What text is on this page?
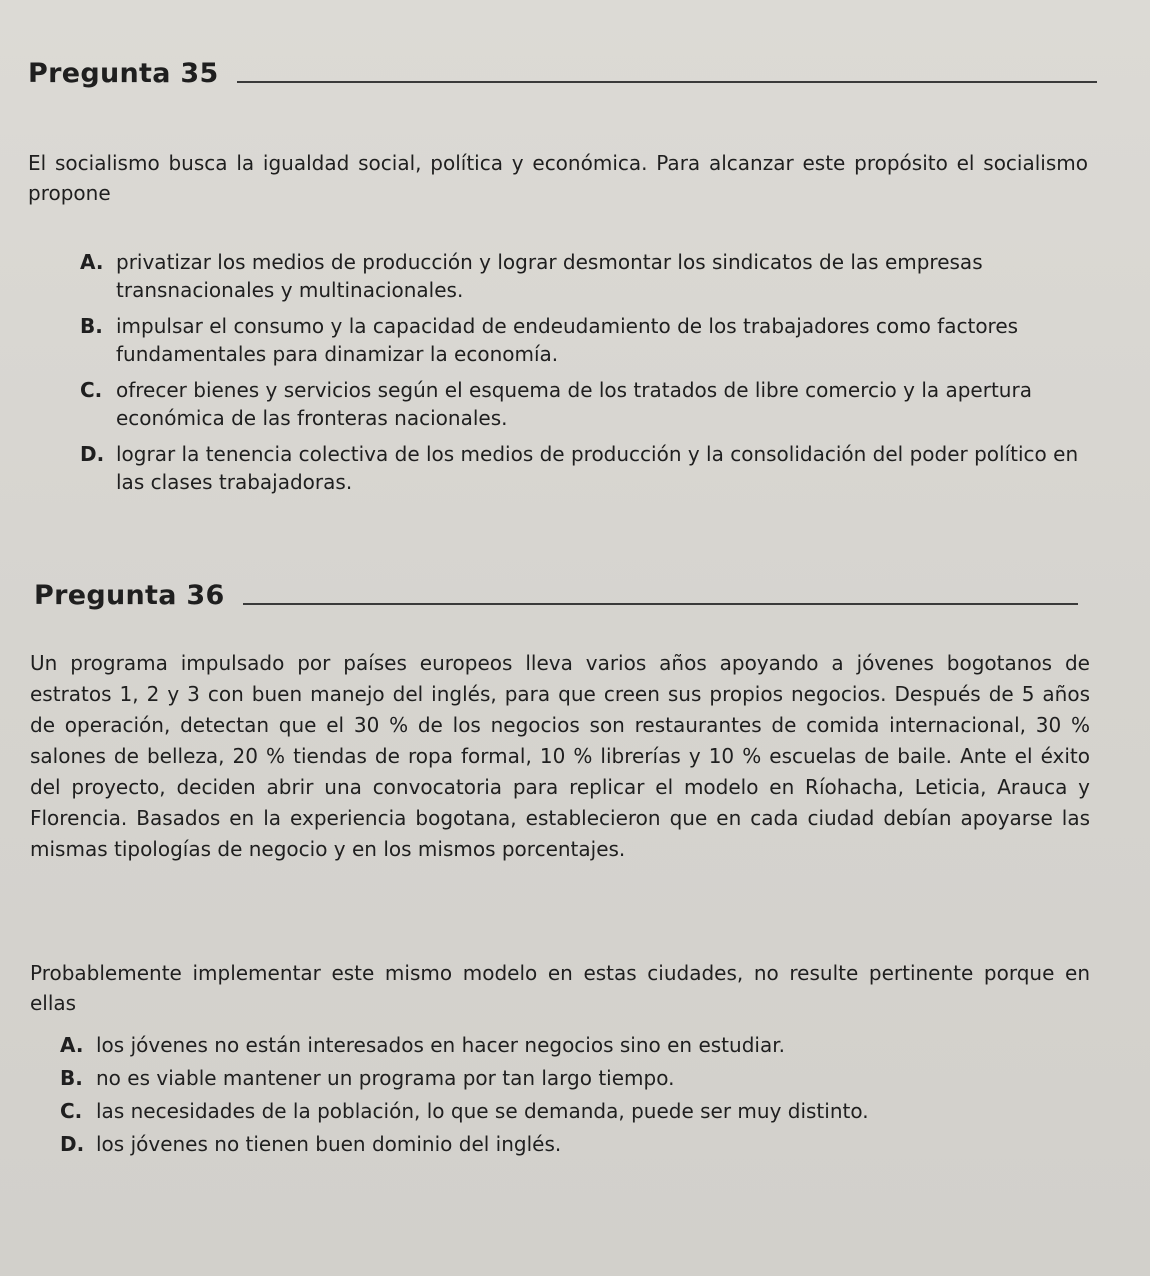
Pregunta 35
El socialismo busca la igualdad social, política y económica. Para alcanzar este propósito el socialismo propone
A. privatizar los medios de producción y lograr desmontar los sindicatos de las empresas transnacionales y multinacionales.
B. impulsar el consumo y la capacidad de endeudamiento de los trabajadores como factores fundamentales para dinamizar la economía.
C. ofrecer bienes y servicios según el esquema de los tratados de libre comercio y la apertura económica de las fronteras nacionales.
D. lograr la tenencia colectiva de los medios de producción y la consolidación del poder político en las clases trabajadoras.
Pregunta 36
Un programa impulsado por países europeos lleva varios años apoyando a jóvenes bogotanos de estratos 1, 2 y 3 con buen manejo del inglés, para que creen sus propios negocios. Después de 5 años de operación, detectan que el 30 % de los negocios son restaurantes de comida internacional, 30 % salones de belleza, 20 % tiendas de ropa formal, 10 % librerías y 10 % escuelas de baile. Ante el éxito del proyecto, deciden abrir una convocatoria para replicar el modelo en Ríohacha, Leticia, Arauca y Florencia. Basados en la experiencia bogotana, establecieron que en cada ciudad debían apoyarse las mismas tipologías de negocio y en los mismos porcentajes.
Probablemente implementar este mismo modelo en estas ciudades, no resulte pertinente porque en ellas
A. los jóvenes no están interesados en hacer negocios sino en estudiar.
B. no es viable mantener un programa por tan largo tiempo.
C. las necesidades de la población, lo que se demanda, puede ser muy distinto.
D. los jóvenes no tienen buen dominio del inglés.
